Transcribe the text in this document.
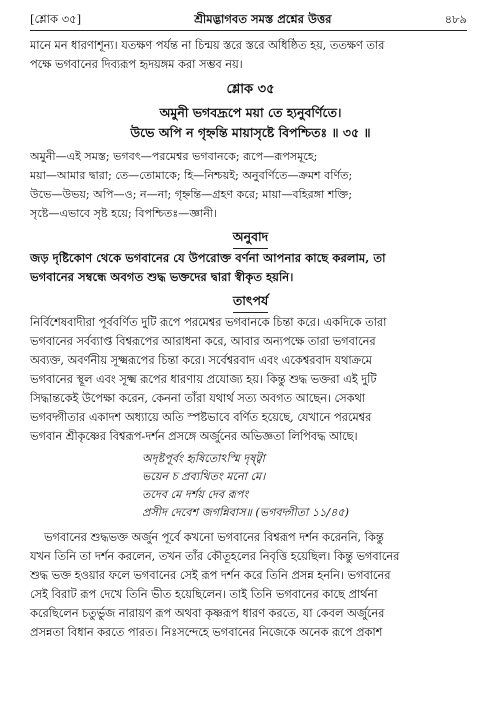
[শ্লোক ৩৫]	শ্রীমদ্ভাগবত সমস্ত প্রশ্নের উত্তর	৪৮৯

মানে মন ধারণাশূন্য। যতক্ষণ পর্যন্ত না চিন্ময় স্তরে স্তরে অধিষ্ঠিত হয়, ততক্ষণ তার

পক্ষে ভগবানের দিব্যরূপ হৃদয়ঙ্গম করা সম্ভব নয়।

শ্লোক ৩৫
অমুনী ভগবদ্রূপে ময়া তে হ্যনুবর্ণিতে।
উভে অপি ন গৃহ্নন্তি মায়াসৃষ্টে বিপশ্চিতঃ ॥ ৩৫ ॥

অমুনী—এই সমস্ত; ভগবৎ—পরমেশ্বর ভগবানকে; রূপে—রূপসমূহে;

ময়া—আমার দ্বারা; তে—তোমাকে; হি—নিশ্চয়ই; অনুবর্ণিতে—ক্রমশ বর্ণিত;

উভে—উভয়; অপি—ও; ন—না; গৃহ্নন্তি—গ্রহণ করে; মায়া—বহিরঙ্গা শক্তি;

সৃষ্টে—এভাবে সৃষ্ট হয়ে; বিপশ্চিতঃ—জ্ঞানী।

অনুবাদ

জড় দৃষ্টিকোণ থেকে ভগবানের যে উপরোক্ত বর্ণনা আপনার কাছে করলাম, তা

ভগবানের সম্বন্ধে অবগত শুদ্ধ ভক্তদের দ্বারা স্বীকৃত হয়নি।

তাৎপর্য

নির্বিশেষবাদীরা পূর্ববর্ণিত দুটি রূপে পরমেশ্বর ভগবানকে চিন্তা করে। একদিকে তারা

ভগবানের সর্বব্যাপ্ত বিশ্বরূপের আরাধনা করে, আবার অন্যপক্ষে তারা ভগবানের

অব্যক্ত, অবর্ণনীয় সূক্ষ্মরূপের চিন্তা করে। সর্বেশ্বরবাদ এবং একেশ্বরবাদ যথাক্রমে

ভগবানের স্থূল এবং সূক্ষ্ম রূপের ধারণায় প্রযোজ্য হয়। কিন্তু শুদ্ধ ভক্তরা এই দুটি

সিদ্ধান্তকেই উপেক্ষা করেন, কেননা তাঁরা যথার্থ সত্য অবগত আছেন। সেকথা

ভগবদ্গীতার একাদশ অধ্যায়ে অতি স্পষ্টভাবে বর্ণিত হয়েছে, যেখানে পরমেশ্বর

ভগবান শ্রীকৃষ্ণের বিশ্বরূপ-দর্শন প্রসঙ্গে অর্জুনের অভিজ্ঞতা লিপিবদ্ধ আছে।

অদৃষ্টপূর্বং হৃষিতোঽস্মি দৃষ্ট্বা
ভয়েন চ প্রব্যথিতং মনো মে।
তদেব মে দর্শয় দেব রূপং
প্রসীদ দেবেশ জগন্নিবাস॥ (ভগবদ্গীতা ১১/৪৫)

ভগবানের শুদ্ধভক্ত অর্জুন পূর্বে কখনো ভগবানের বিশ্বরূপ দর্শন করেননি, কিন্তু

যখন তিনি তা দর্শন করলেন, তখন তাঁর কৌতূহলের নিবৃত্তি হয়েছিল। কিন্তু ভগবানের

শুদ্ধ ভক্ত হওয়ার ফলে ভগবানের সেই রূপ দর্শন করে তিনি প্রসন্ন হননি। ভগবানের

সেই বিরাট রূপ দেখে তিনি ভীত হয়েছিলেন। তাই তিনি ভগবানের কাছে প্রার্থনা

করেছিলেন চতুর্ভুজ নারায়ণ রূপ অথবা কৃষ্ণরূপ ধারণ করতে, যা কেবল অর্জুনের

প্রসন্নতা বিধান করতে পারত। নিঃসন্দেহে ভগবানের নিজেকে অনেক রূপে প্রকাশ
